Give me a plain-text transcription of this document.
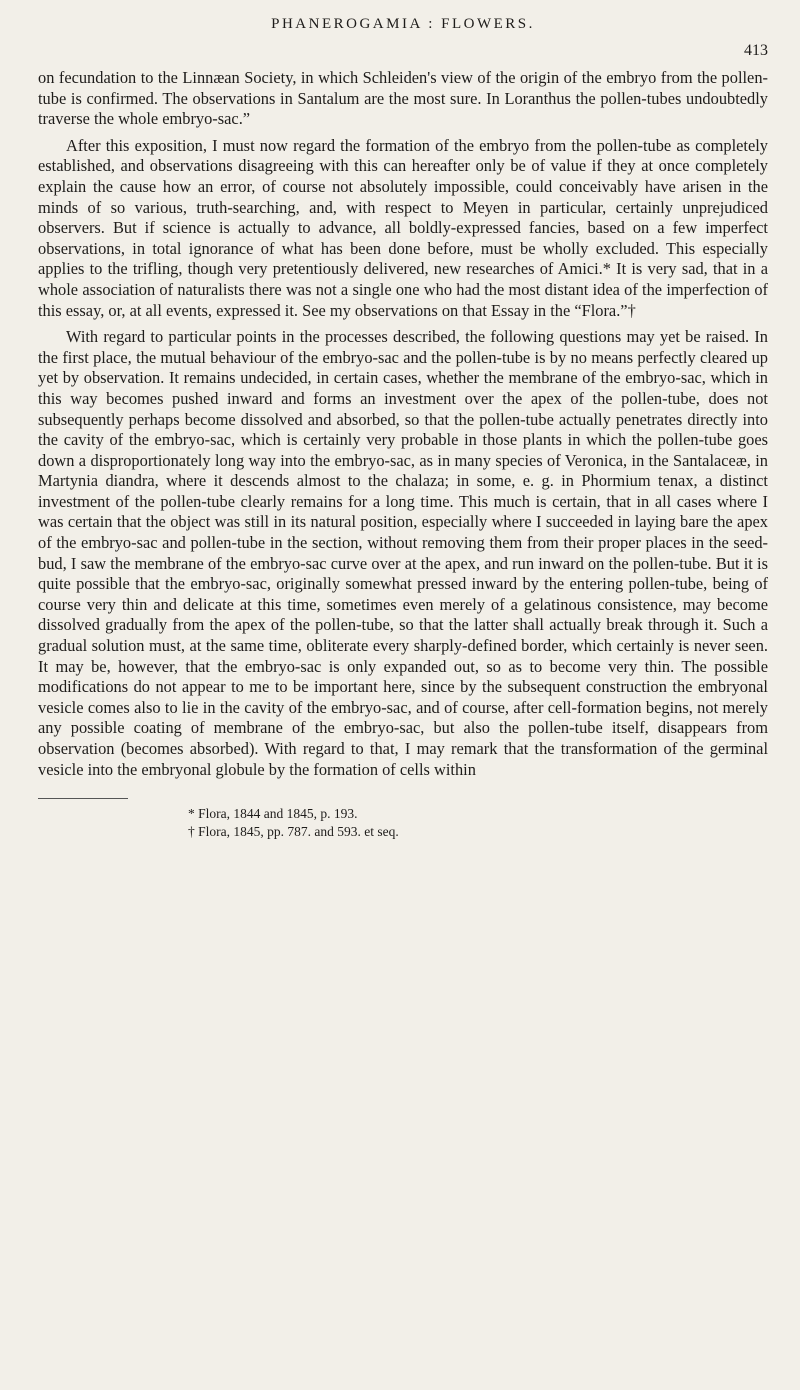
PHANEROGAMIA : FLOWERS.
413

on fecundation to the Linnæan Society, in which Schleiden's view of the origin of the embryo from the pollen-tube is confirmed. The observations in Santalum are the most sure. In Loranthus the pollen-tubes undoubtedly traverse the whole embryo-sac.”

After this exposition, I must now regard the formation of the embryo from the pollen-tube as completely established, and observations disagreeing with this can hereafter only be of value if they at once completely explain the cause how an error, of course not absolutely impossible, could conceivably have arisen in the minds of so various, truth-searching, and, with respect to Meyen in particular, certainly unprejudiced observers. But if science is actually to advance, all boldly-expressed fancies, based on a few imperfect observations, in total ignorance of what has been done before, must be wholly excluded. This especially applies to the trifling, though very pretentiously delivered, new researches of Amici.* It is very sad, that in a whole association of naturalists there was not a single one who had the most distant idea of the imperfection of this essay, or, at all events, expressed it. See my observations on that Essay in the “Flora.”†

With regard to particular points in the processes described, the following questions may yet be raised. In the first place, the mutual behaviour of the embryo-sac and the pollen-tube is by no means perfectly cleared up yet by observation. It remains undecided, in certain cases, whether the membrane of the embryo-sac, which in this way becomes pushed inward and forms an investment over the apex of the pollen-tube, does not subsequently perhaps become dissolved and absorbed, so that the pollen-tube actually penetrates directly into the cavity of the embryo-sac, which is certainly very probable in those plants in which the pollen-tube goes down a disproportionately long way into the embryo-sac, as in many species of Veronica, in the Santalaceæ, in Martynia diandra, where it descends almost to the chalaza; in some, e. g. in Phormium tenax, a distinct investment of the pollen-tube clearly remains for a long time. This much is certain, that in all cases where I was certain that the object was still in its natural position, especially where I succeeded in laying bare the apex of the embryo-sac and pollen-tube in the section, without removing them from their proper places in the seed-bud, I saw the membrane of the embryo-sac curve over at the apex, and run inward on the pollen-tube. But it is quite possible that the embryo-sac, originally somewhat pressed inward by the entering pollen-tube, being of course very thin and delicate at this time, sometimes even merely of a gelatinous consistence, may become dissolved gradually from the apex of the pollen-tube, so that the latter shall actually break through it. Such a gradual solution must, at the same time, obliterate every sharply-defined border, which certainly is never seen. It may be, however, that the embryo-sac is only expanded out, so as to become very thin. The possible modifications do not appear to me to be important here, since by the subsequent construction the embryonal vesicle comes also to lie in the cavity of the embryo-sac, and of course, after cell-formation begins, not merely any possible coating of membrane of the embryo-sac, but also the pollen-tube itself, disappears from observation (becomes absorbed). With regard to that, I may remark that the transformation of the germinal vesicle into the embryonal globule by the formation of cells within

* Flora, 1844 and 1845, p. 193.
† Flora, 1845, pp. 787. and 593. et seq.
